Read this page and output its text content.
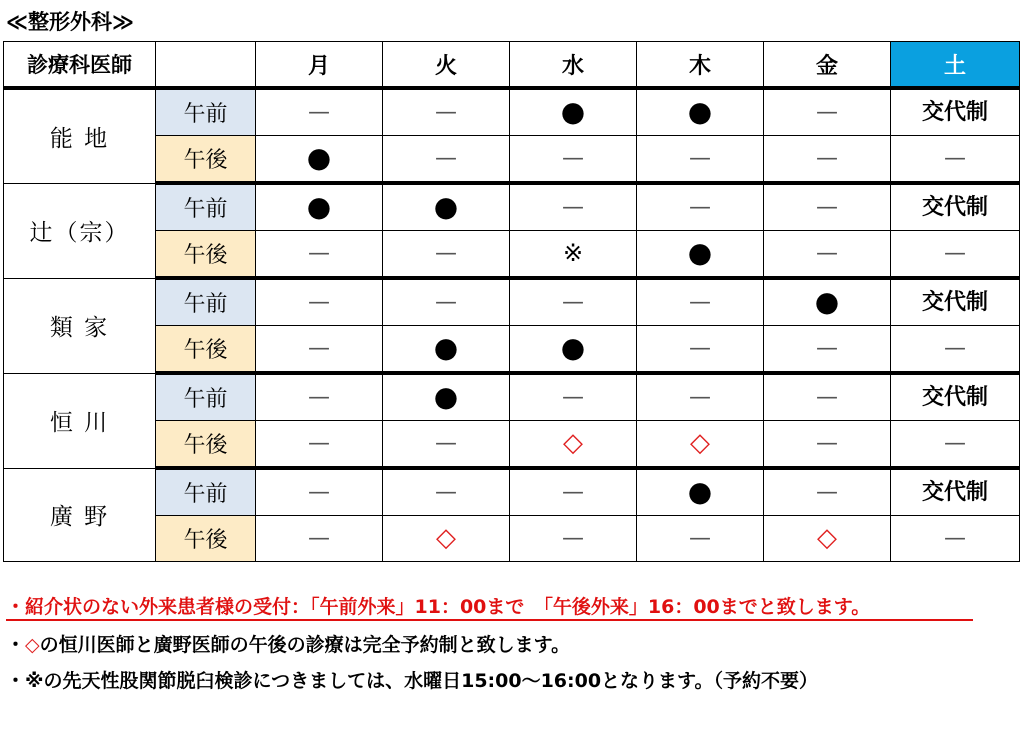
≪整形外科≫
診療科医師		月	火	水	木	金	土
能 地	午前	—	—	●	●	—	交代制
	午後	●	—	—	—	—	—
辻（宗）	午前	●	●	—	—	—	交代制
	午後	—	—	※	●	—	—
類 家	午前	—	—	—	—	●	交代制
	午後	—	●	●	—	—	—
恒 川	午前	—	●	—	—	—	交代制
	午後	—	—	◇	◇	—	—
廣 野	午前	—	—	—	●	—	交代制
	午後	—	◇	—	—	◇	—
・紹介状のない外来患者様の受付：「午前外来」11：00まで　「午後外来」16：00までと致します。
・◇の恒川医師と廣野医師の午後の診療は完全予約制と致します。
・※の先天性股関節脱臼検診につきましては、水曜日15:00～16:00となります。（予約不要）
